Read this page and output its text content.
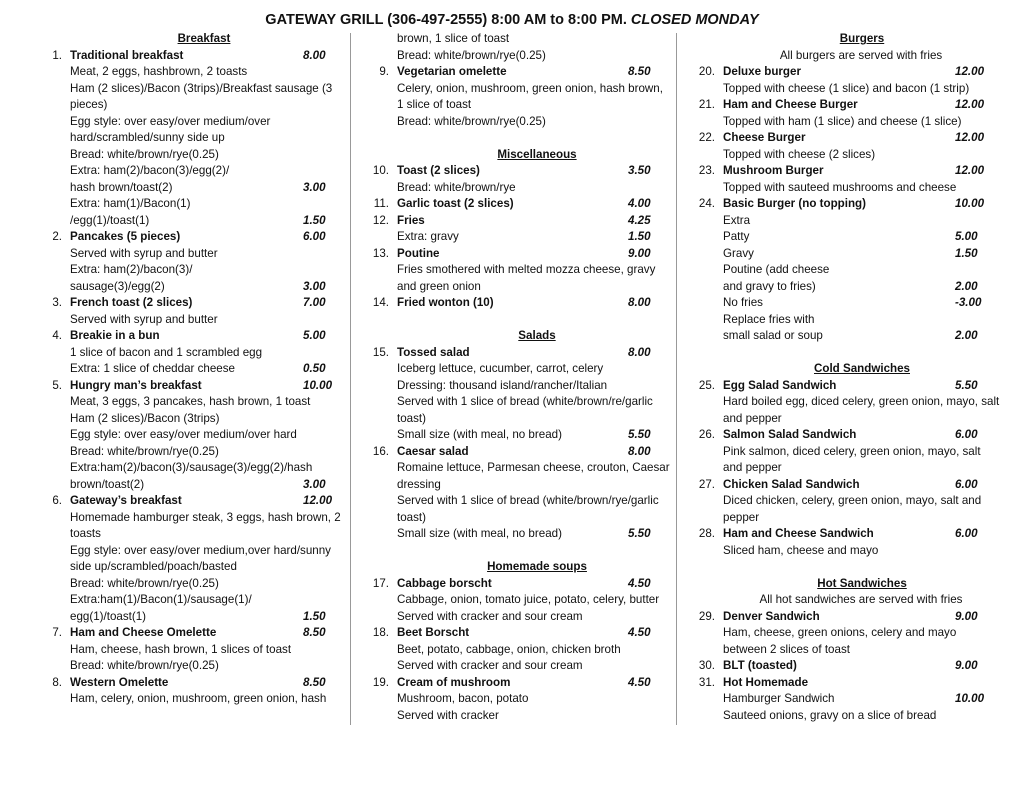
GATEWAY GRILL (306-497-2555) 8:00 AM to 8:00 PM. CLOSED MONDAY
Breakfast
1. Traditional breakfast	8.00
Meat, 2 eggs, hashbrown, 2 toasts
Ham (2 slices)/Bacon (3trips)/Breakfast sausage (3
pieces)
Egg style: over easy/over medium/over
hard/scrambled/sunny side up
Bread: white/brown/rye(0.25)
Extra: ham(2)/bacon(3)/egg(2)/
hash brown/toast(2)	3.00
Extra: ham(1)/Bacon(1)
/egg(1)/toast(1)	1.50
2. Pancakes (5 pieces)	6.00
Served with syrup and butter
Extra: ham(2)/bacon(3)/
sausage(3)/egg(2)	3.00
3. French toast (2 slices)	7.00
Served with syrup and butter
4. Breakie in a bun	5.00
1 slice of bacon and 1 scrambled egg
Extra: 1 slice of cheddar cheese	0.50
5. Hungry man’s breakfast	10.00
Meat, 3 eggs, 3 pancakes, hash brown, 1 toast
Ham (2 slices)/Bacon (3trips)
Egg style: over easy/over medium/over hard
Bread: white/brown/rye(0.25)
Extra:ham(2)/bacon(3)/sausage(3)/egg(2)/hash
brown/toast(2)	3.00
6. Gateway’s breakfast	12.00
Homemade hamburger steak, 3 eggs, hash brown, 2
toasts
Egg style: over easy/over medium,over hard/sunny
side up/scrambled/poach/basted
Bread: white/brown/rye(0.25)
Extra:ham(1)/Bacon(1)/sausage(1)/
egg(1)/toast(1)	1.50
7. Ham and Cheese Omelette	8.50
Ham, cheese, hash brown, 1 slices of toast
Bread: white/brown/rye(0.25)
8. Western Omelette	8.50
Ham, celery, onion, mushroom, green onion, hash
brown, 1 slice of toast
Bread: white/brown/rye(0.25)
9. Vegetarian omelette	8.50
Celery, onion, mushroom, green onion, hash brown,
1 slice of toast
Bread: white/brown/rye(0.25)
Miscellaneous
10. Toast (2 slices)	3.50
Bread: white/brown/rye
11. Garlic toast (2 slices)	4.00
12. Fries	4.25
Extra: gravy	1.50
13. Poutine	9.00
Fries smothered with melted mozza cheese, gravy
and green onion
14. Fried wonton (10)	8.00
Salads
15. Tossed salad	8.00
Iceberg lettuce, cucumber, carrot, celery
Dressing: thousand island/rancher/Italian
Served with 1 slice of bread (white/brown/re/garlic
toast)
Small size (with meal, no bread)	5.50
16. Caesar salad	8.00
Romaine lettuce, Parmesan cheese, crouton, Caesar
dressing
Served with 1 slice of bread (white/brown/rye/garlic
toast)
Small size (with meal, no bread)	5.50
Homemade soups
17. Cabbage borscht	4.50
Cabbage, onion, tomato juice, potato, celery, butter
Served with cracker and sour cream
18. Beet Borscht	4.50
Beet, potato, cabbage, onion, chicken broth
Served with cracker and sour cream
19. Cream of mushroom	4.50
Mushroom, bacon, potato
Served with cracker
Burgers
All burgers are served with fries
20. Deluxe burger	12.00
Topped with cheese (1 slice) and bacon (1 strip)
21. Ham and Cheese Burger	12.00
Topped with ham (1 slice) and cheese (1 slice)
22. Cheese Burger	12.00
Topped with cheese (2 slices)
23. Mushroom Burger	12.00
Topped with sauteed mushrooms and cheese
24. Basic Burger (no topping)	10.00
Extra
Patty	5.00
Gravy	1.50
Poutine (add cheese
and gravy to fries)	2.00
No fries	-3.00
Replace fries with
small salad or soup	2.00
Cold Sandwiches
25. Egg Salad Sandwich	5.50
Hard boiled egg, diced celery, green onion, mayo, salt
and pepper
26. Salmon Salad Sandwich	6.00
Pink salmon, diced celery, green onion, mayo, salt
and pepper
27. Chicken Salad Sandwich	6.00
Diced chicken, celery, green onion, mayo, salt and
pepper
28. Ham and Cheese Sandwich	6.00
Sliced ham, cheese and mayo
Hot Sandwiches
All hot sandwiches are served with fries
29. Denver Sandwich	9.00
Ham, cheese, green onions, celery and mayo
between 2 slices of toast
30. BLT (toasted)	9.00
31. Hot Homemade
Hamburger Sandwich	10.00
Sauteed onions, gravy on a slice of bread
